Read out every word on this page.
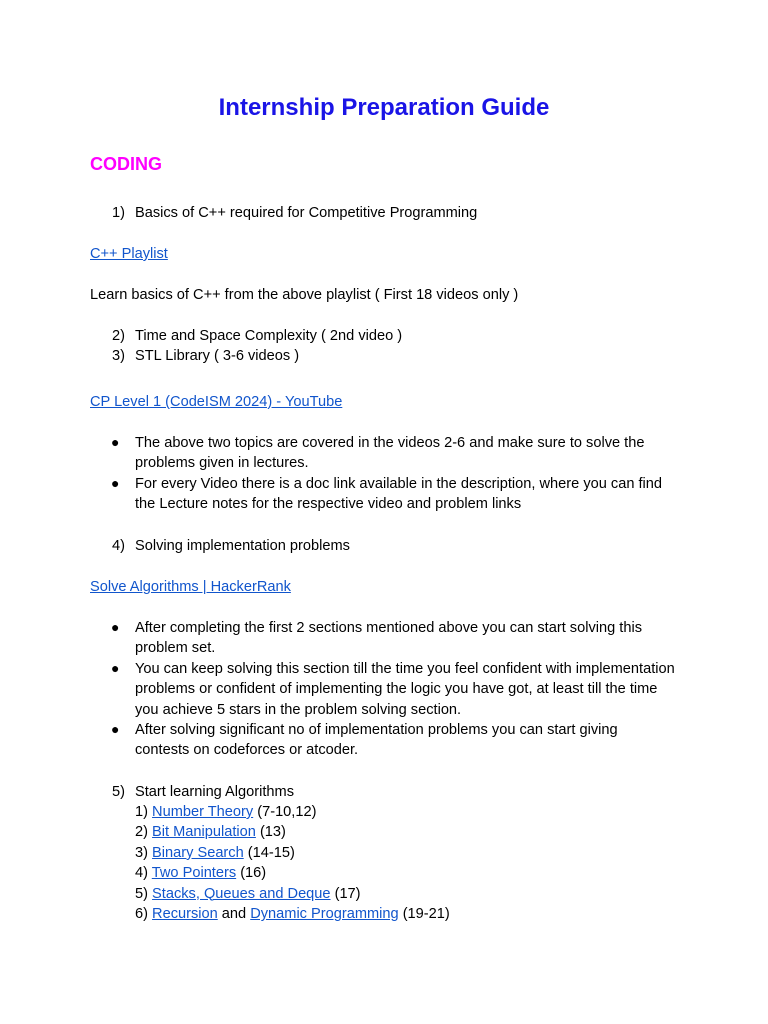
Internship Preparation Guide
CODING
1) Basics of C++ required for Competitive Programming
C++ Playlist
Learn basics of C++ from the above playlist ( First 18 videos only )
2) Time and Space Complexity ( 2nd video )
3) STL Library ( 3-6 videos )
CP Level 1 (CodeISM 2024) - YouTube
● The above two topics are covered in the videos 2-6 and make sure to solve the problems given in lectures.
● For every Video there is a doc link available in the description, where you can find the Lecture notes for the respective video and problem links
4) Solving implementation problems
Solve Algorithms | HackerRank
● After completing the first 2 sections mentioned above you can start solving this problem set.
● You can keep solving this section till the time you feel confident with implementation problems or confident of implementing the logic you have got, at least till the time you achieve 5 stars in the problem solving section.
● After solving significant no of implementation problems you can start giving contests on codeforces or atcoder.
5) Start learning Algorithms
1) Number Theory (7-10,12)
2) Bit Manipulation (13)
3) Binary Search (14-15)
4) Two Pointers (16)
5) Stacks, Queues and Deque (17)
6) Recursion and Dynamic Programming (19-21)
